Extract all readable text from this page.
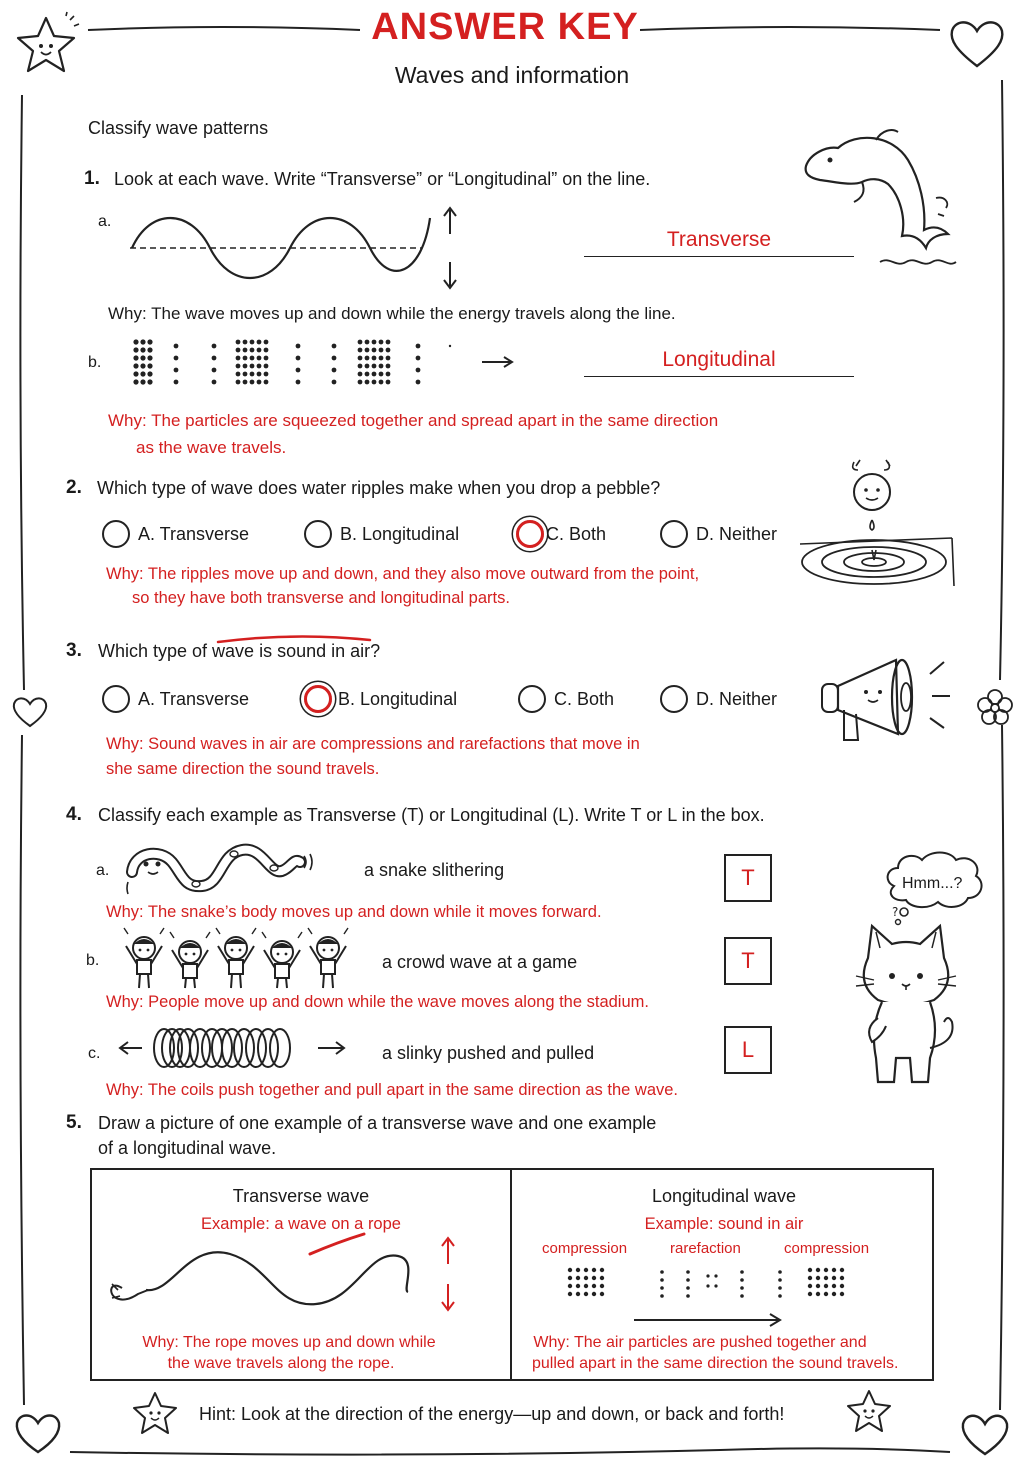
ANSWER KEY
Waves and information
Classify wave patterns
1. Look at each wave. Write “Transverse” or “Longitudinal” on the line.
a.
Transverse
Why: The wave moves up and down while the energy travels along the line.
b.	Longitudinal
Why: The particles are squeezed together and spread apart in the same direction
as the wave travels.
2. Which type of wave does water ripples make when you drop a pebble?
A. Transverse	B. Longitudinal	C. Both	D. Neither
Why: The ripples move up and down, and they also move outward from the point,
so they have both transverse and longitudinal parts.
3. Which type of wave is sound in air?
A. Transverse	B. Longitudinal	C. Both	D. Neither
Why: Sound waves in air are compressions and rarefactions that move in
she same direction the sound travels.
4. Classify each example as Transverse (T) or Longitudinal (L). Write T or L in the box.
a.	a snake slithering	T
Why: The snake’s body moves up and down while it moves forward.
b.	a crowd wave at a game	T
Why: People move up and down while the wave moves along the stadium.
c.	a slinky pushed and pulled	L
Why: The coils push together and pull apart in the same direction as the wave.
Hmm...?
?
5. Draw a picture of one example of a transverse wave and one example
of a longitudinal wave.
Transverse wave
Example: a wave on a rope
Why: The rope moves up and down while
the wave travels along the rope.
Longitudinal wave
Example: sound in air
compression	rarefaction	compression
Why: The air particles are pushed together and
pulled apart in the same direction the sound travels.
Hint: Look at the direction of the energy—up and down, or back and forth!
